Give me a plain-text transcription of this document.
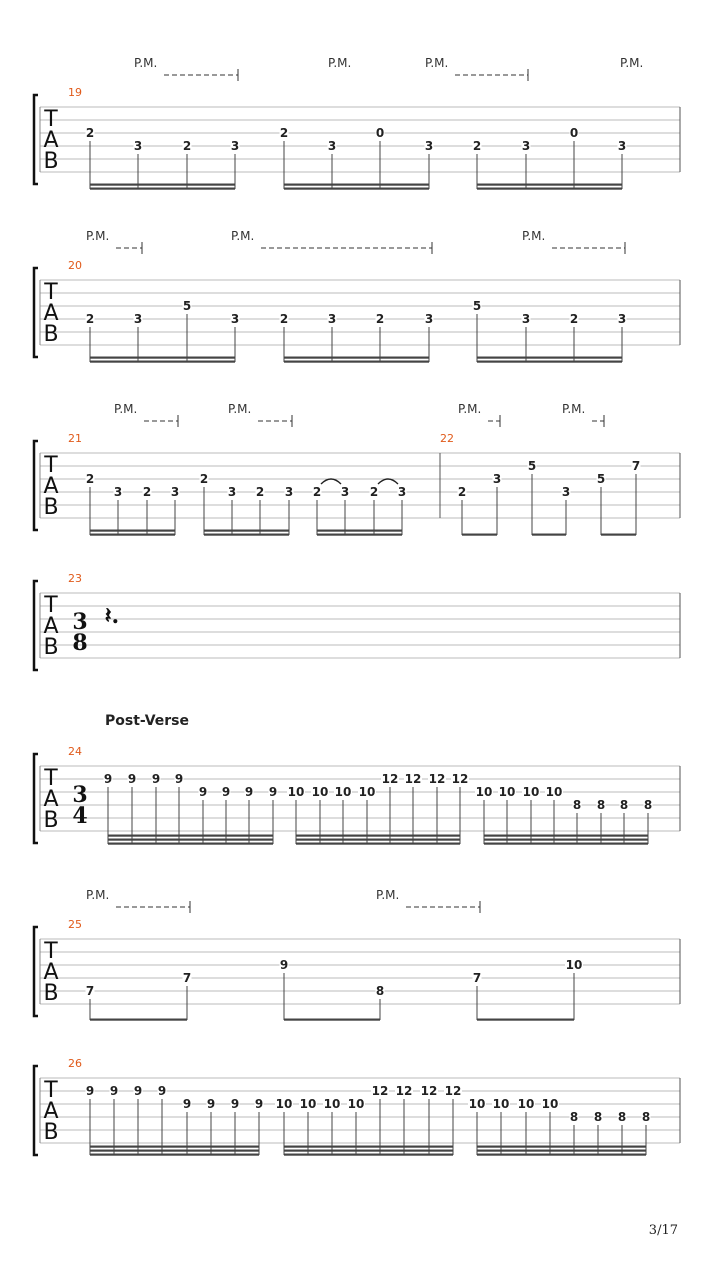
T
A
B
19
P.M.	P.M.	P.M.	P.M.
2
3	2	3
2
3
0
3	2	3
0
3
T
A
B
20
P.M.	P.M.	P.M.
2	3
5
3	2	3	2	3
5
3	2	3
T
A
B
21	22
P.M.	P.M.	P.M.	P.M.
2
3 2 3
2
3 2 3 2 3 2 3	2
3
5
3
5
7
T
A
B
23
3
8
𝄽.
Post-Verse
T
A
B
24
3
4
9 9 9 9
9 9 9 9 10 10 10 10
12 12 12 12
10 10 10 10
8 8 8 8
T
A
B
25
P.M.	P.M.
7
7
9
8
7
10
T
A
B
26
9 9 9 9
9 9 9 9 10 10 10 10
12 12 12 12
10 10 10 10
8 8 8 8
3/17
